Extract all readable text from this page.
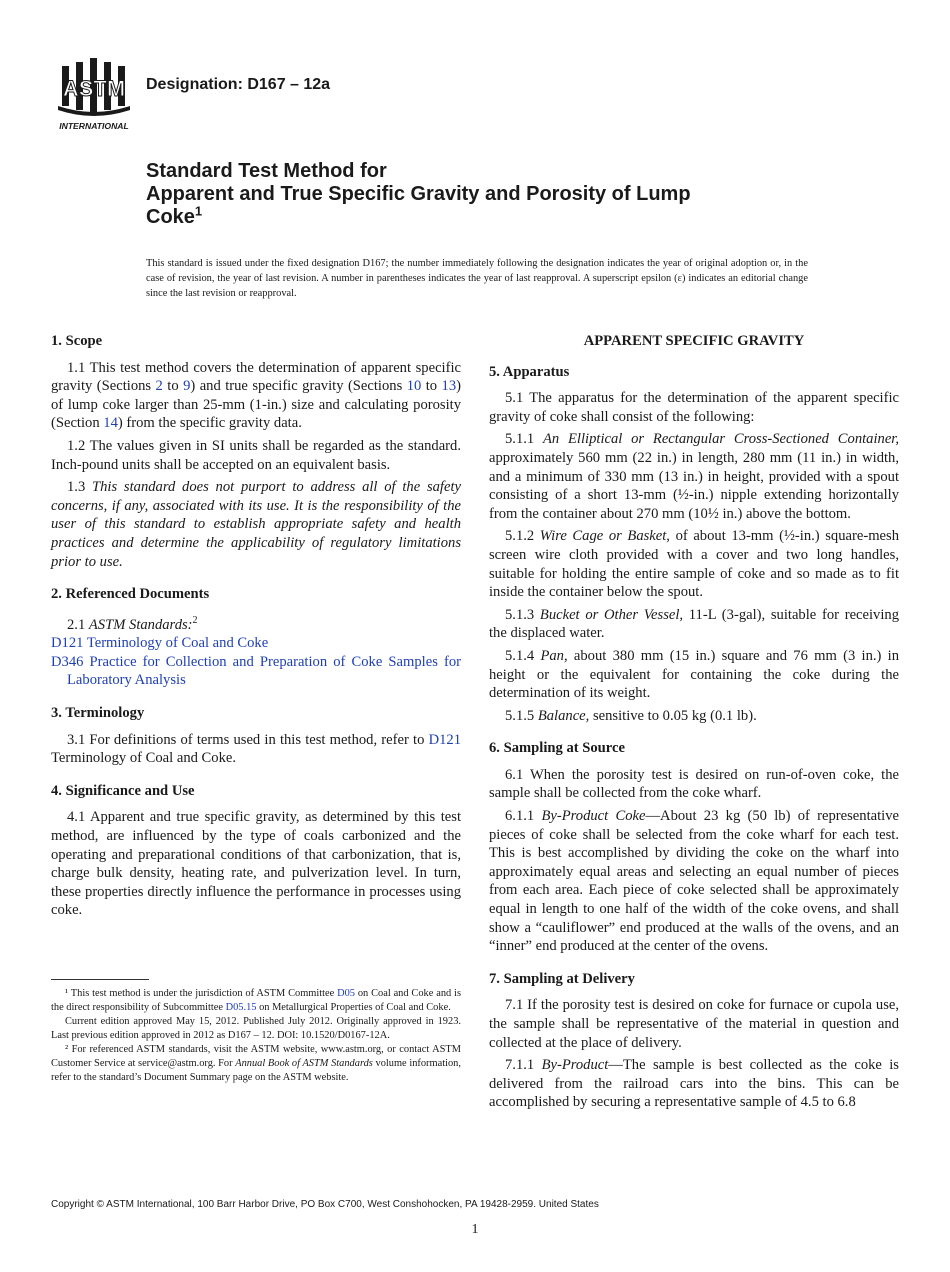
ASTM
INTERNATIONAL
Designation: D167 – 12a
Standard Test Method for
Apparent and True Specific Gravity and Porosity of Lump
Coke$^1$
This standard is issued under the fixed designation D167; the number immediately following the designation indicates the year of original adoption or, in the case of revision, the year of last revision. A number in parentheses indicates the year of last reapproval. A superscript epsilon (ε) indicates an editorial change since the last revision or reapproval.
1. Scope

1.1 This test method covers the determination of apparent specific gravity (Sections 2 to 9) and true specific gravity (Sections 10 to 13) of lump coke larger than 25-mm (1-in.) size and calculating porosity (Section 14) from the specific gravity data.

1.2 The values given in SI units shall be regarded as the standard. Inch-pound units shall be accepted on an equivalent basis.

1.3 This standard does not purport to address all of the safety concerns, if any, associated with its use. It is the responsibility of the user of this standard to establish appropriate safety and health practices and determine the applicability of regulatory limitations prior to use.

2. Referenced Documents

2.1 ASTM Standards:$^2$

D121 Terminology of Coal and Coke

D346 Practice for Collection and Preparation of Coke Samples for Laboratory Analysis

3. Terminology

3.1 For definitions of terms used in this test method, refer to D121 Terminology of Coal and Coke.

4. Significance and Use

4.1 Apparent and true specific gravity, as determined by this test method, are influenced by the type of coals carbonized and the operating and preparational conditions of that carbonization, that is, charge bulk density, heating rate, and pulverization level. In turn, these properties directly influence the performance in processes using coke.

¹ This test method is under the jurisdiction of ASTM Committee D05 on Coal and Coke and is the direct responsibility of Subcommittee D05.15 on Metallurgical Properties of Coal and Coke.

Current edition approved May 15, 2012. Published July 2012. Originally approved in 1923. Last previous edition approved in 2012 as D167 – 12. DOI: 10.1520/D0167-12A.

² For referenced ASTM standards, visit the ASTM website, www.astm.org, or contact ASTM Customer Service at service@astm.org. For Annual Book of ASTM Standards volume information, refer to the standard’s Document Summary page on the ASTM website.

APPARENT SPECIFIC GRAVITY
5. Apparatus

5.1 The apparatus for the determination of the apparent specific gravity of coke shall consist of the following:

5.1.1 An Elliptical or Rectangular Cross-Sectioned Container, approximately 560 mm (22 in.) in length, 280 mm (11 in.) in width, and a minimum of 330 mm (13 in.) in height, provided with a spout consisting of a short 13-mm (½-in.) nipple extending horizontally from the container about 270 mm (10½ in.) above the bottom.

5.1.2 Wire Cage or Basket, of about 13-mm (½-in.) square-mesh screen wire cloth provided with a cover and two long handles, suitable for holding the entire sample of coke and so made as to fit inside the container below the spout.

5.1.3 Bucket or Other Vessel, 11-L (3-gal), suitable for receiving the displaced water.

5.1.4 Pan, about 380 mm (15 in.) square and 76 mm (3 in.) in height or the equivalent for containing the coke during the determination of its weight.

5.1.5 Balance, sensitive to 0.05 kg (0.1 lb).

6. Sampling at Source

6.1 When the porosity test is desired on run-of-oven coke, the sample shall be collected from the coke wharf.

6.1.1 By-Product Coke—About 23 kg (50 lb) of representative pieces of coke shall be selected from the coke wharf for each test. This is best accomplished by dividing the coke on the wharf into approximately equal areas and selecting an equal number of pieces from each area. Each piece of coke selected shall be approximately equal in length to one half of the width of the coke ovens, and shall show a “cauliflower” end produced at the walls of the ovens, and an “inner” end produced at the center of the ovens.

7. Sampling at Delivery

7.1 If the porosity test is desired on coke for furnace or cupola use, the sample shall be representative of the material in question and collected at the place of delivery.

7.1.1 By-Product—The sample is best collected as the coke is delivered from the railroad cars into the bins. This can be accomplished by securing a representative sample of 4.5 to 6.8

Copyright © ASTM International, 100 Barr Harbor Drive, PO Box C700, West Conshohocken, PA 19428-2959. United States
1
